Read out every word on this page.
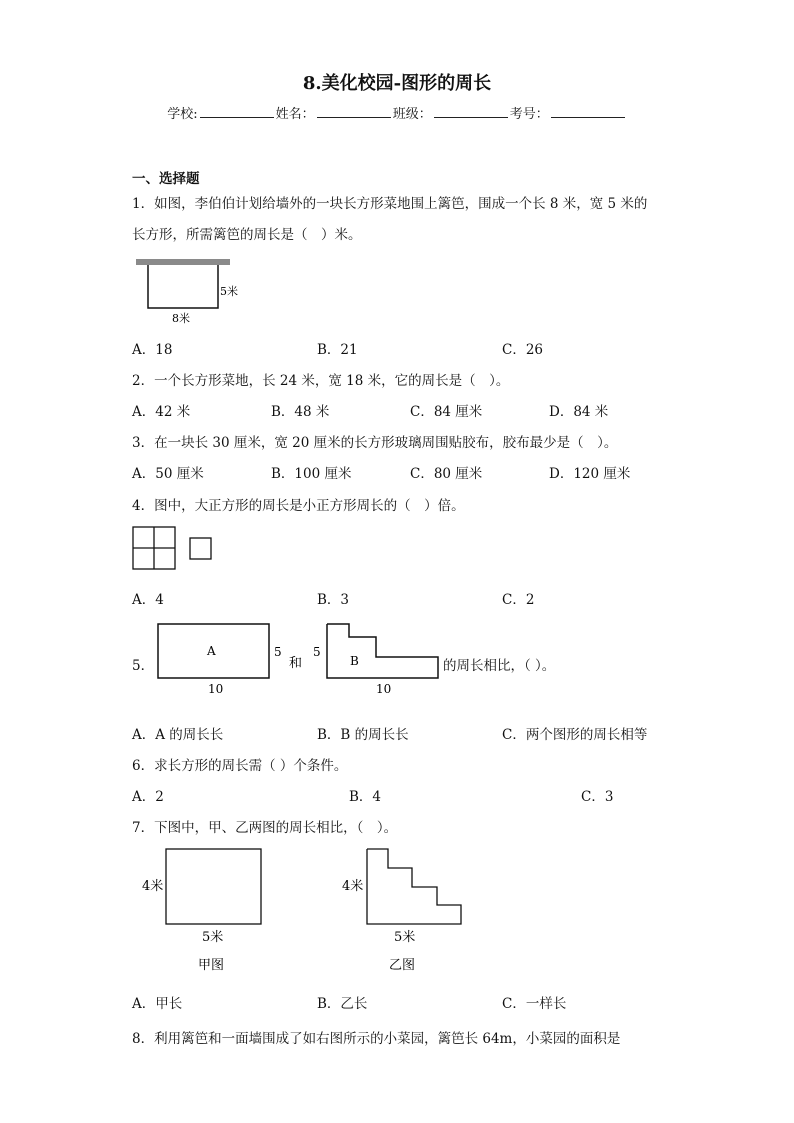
8.美化校园-图形的周长
学校:	姓名：	班级：	考号：
一、选择题
1．如图，李伯伯计划给墙外的一块长方形菜地围上篱笆，围成一个长 8 米，宽 5 米的
长方形，所需篱笆的周长是（　）米。
5米
8米
A．18	B．21	C．26
2．一个长方形菜地，长 24 米，宽 18 米，它的周长是（　）。
A．42 米	B．48 米	C．84 厘米	D．84 米
3．在一块长 30 厘米，宽 20 厘米的长方形玻璃周围贴胶布，胶布最少是（　）。
A．50 厘米	B．100 厘米	C．80 厘米	D．120 厘米
4．图中，大正方形的周长是小正方形周长的（　）倍。
A．4	B．3	C．2
5．
A	5
10
和	B
5
10
的周长相比，（ ）。
A．A 的周长长	B．B 的周长长	C．两个图形的周长相等
6．求长方形的周长需（ ）个条件。
A．2	B．4	C．3
7．下图中，甲、乙两图的周长相比，（　）。
4米
5米
甲图
4米
5米
乙图
A．甲长	B．乙长	C．一样长
8．利用篱笆和一面墙围成了如右图所示的小菜园，篱笆长 64m，小菜园的面积是
